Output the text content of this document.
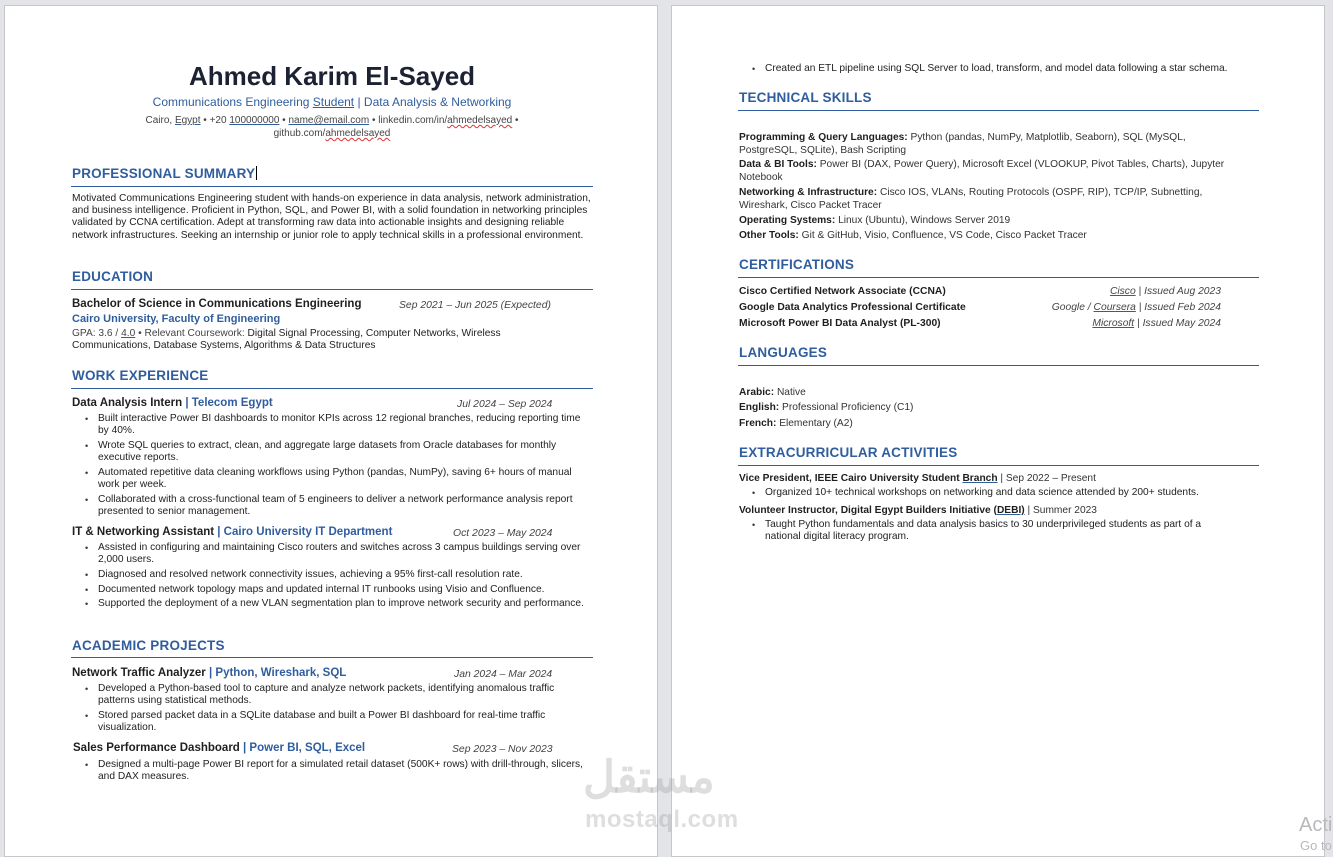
Ahmed Karim El-Sayed
Communications Engineering Student | Data Analysis & Networking
Cairo, Egypt • +20 100000000 • name@email.com • linkedin.com/in/ahmedelsayed •
github.com/ahmedelsayed
PROFESSIONAL SUMMARY
Motivated Communications Engineering student with hands-on experience in data analysis, network administration, and business intelligence. Proficient in Python, SQL, and Power BI, with a solid foundation in networking principles validated by CCNA certification. Adept at transforming raw data into actionable insights and designing reliable network infrastructures. Seeking an internship or junior role to apply technical skills in a professional environment.
EDUCATION
Bachelor of Science in Communications Engineering	Sep 2021 – Jun 2025 (Expected)
Cairo University, Faculty of Engineering
GPA: 3.6 / 4.0 • Relevant Coursework: Digital Signal Processing, Computer Networks, Wireless Communications, Database Systems, Algorithms & Data Structures
WORK EXPERIENCE
Data Analysis Intern | Telecom Egypt	Jul 2024 – Sep 2024
• Built interactive Power BI dashboards to monitor KPIs across 12 regional branches, reducing reporting time by 40%.
• Wrote SQL queries to extract, clean, and aggregate large datasets from Oracle databases for monthly executive reports.
• Automated repetitive data cleaning workflows using Python (pandas, NumPy), saving 6+ hours of manual work per week.
• Collaborated with a cross-functional team of 5 engineers to deliver a network performance analysis report presented to senior management.
IT & Networking Assistant | Cairo University IT Department	Oct 2023 – May 2024
• Assisted in configuring and maintaining Cisco routers and switches across 3 campus buildings serving over 2,000 users.
• Diagnosed and resolved network connectivity issues, achieving a 95% first-call resolution rate.
• Documented network topology maps and updated internal IT runbooks using Visio and Confluence.
• Supported the deployment of a new VLAN segmentation plan to improve network security and performance.
ACADEMIC PROJECTS
Network Traffic Analyzer | Python, Wireshark, SQL	Jan 2024 – Mar 2024
• Developed a Python-based tool to capture and analyze network packets, identifying anomalous traffic patterns using statistical methods.
• Stored parsed packet data in a SQLite database and built a Power BI dashboard for real-time traffic visualization.
Sales Performance Dashboard | Power BI, SQL, Excel	Sep 2023 – Nov 2023
• Designed a multi-page Power BI report for a simulated retail dataset (500K+ rows) with drill-through, slicers, and DAX measures.
• Created an ETL pipeline using SQL Server to load, transform, and model data following a star schema.
TECHNICAL SKILLS
Programming & Query Languages: Python (pandas, NumPy, Matplotlib, Seaborn), SQL (MySQL, PostgreSQL, SQLite), Bash Scripting
Data & BI Tools: Power BI (DAX, Power Query), Microsoft Excel (VLOOKUP, Pivot Tables, Charts), Jupyter Notebook
Networking & Infrastructure: Cisco IOS, VLANs, Routing Protocols (OSPF, RIP), TCP/IP, Subnetting, Wireshark, Cisco Packet Tracer
Operating Systems: Linux (Ubuntu), Windows Server 2019
Other Tools: Git & GitHub, Visio, Confluence, VS Code, Cisco Packet Tracer
CERTIFICATIONS
Cisco Certified Network Associate (CCNA)	Cisco | Issued Aug 2023
Google Data Analytics Professional Certificate	Google / Coursera | Issued Feb 2024
Microsoft Power BI Data Analyst (PL-300)	Microsoft | Issued May 2024
LANGUAGES
Arabic: Native
English: Professional Proficiency (C1)
French: Elementary (A2)
EXTRACURRICULAR ACTIVITIES
Vice President, IEEE Cairo University Student Branch | Sep 2022 – Present
• Organized 10+ technical workshops on networking and data science attended by 200+ students.
Volunteer Instructor, Digital Egypt Builders Initiative (DEBI) | Summer 2023
• Taught Python fundamentals and data analysis basics to 30 underprivileged students as part of a national digital literacy program.
مستقل
mostaql.com	Acti
Go to
